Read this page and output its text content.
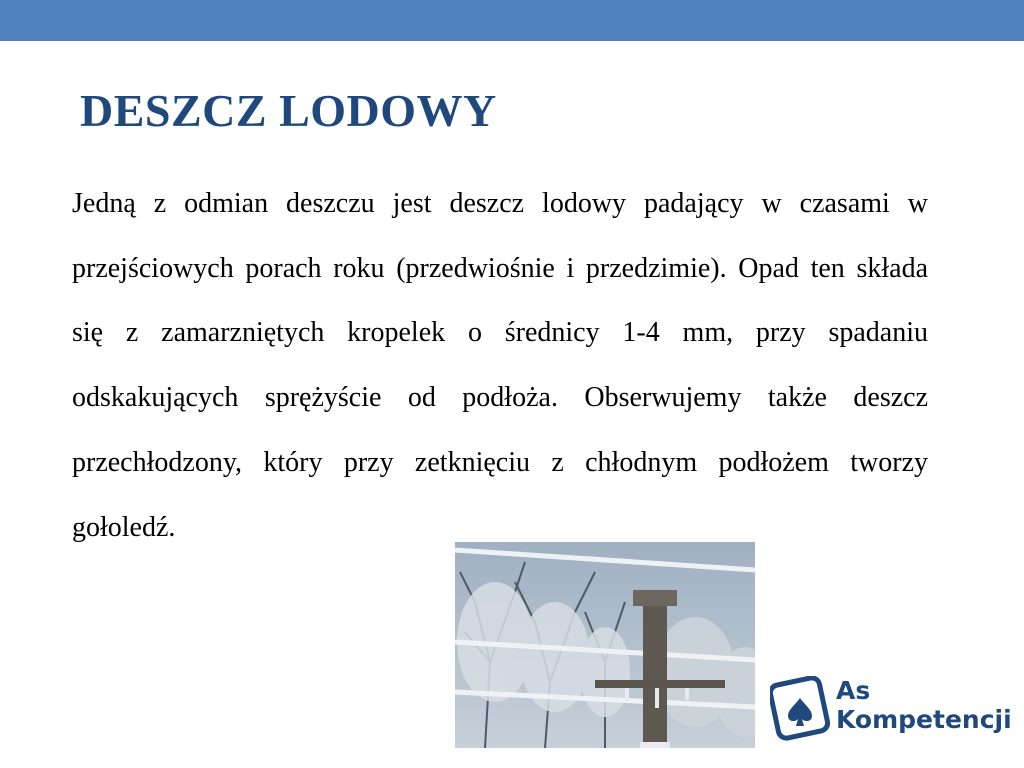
DESZCZ LODOWY

Jedną z odmian deszczu jest deszcz lodowy padający w czasami w przejściowych porach roku (przedwiośnie i przedzimie). Opad ten składa się z zamarzniętych kropelek o średnicy 1-4 mm, przy spadaniu odskakujących sprężyście od podłoża. Obserwujemy także deszcz przechłodzony, który przy zetknięciu z chłodnym podłożem tworzy gołoledź.

As
Kompetencji
